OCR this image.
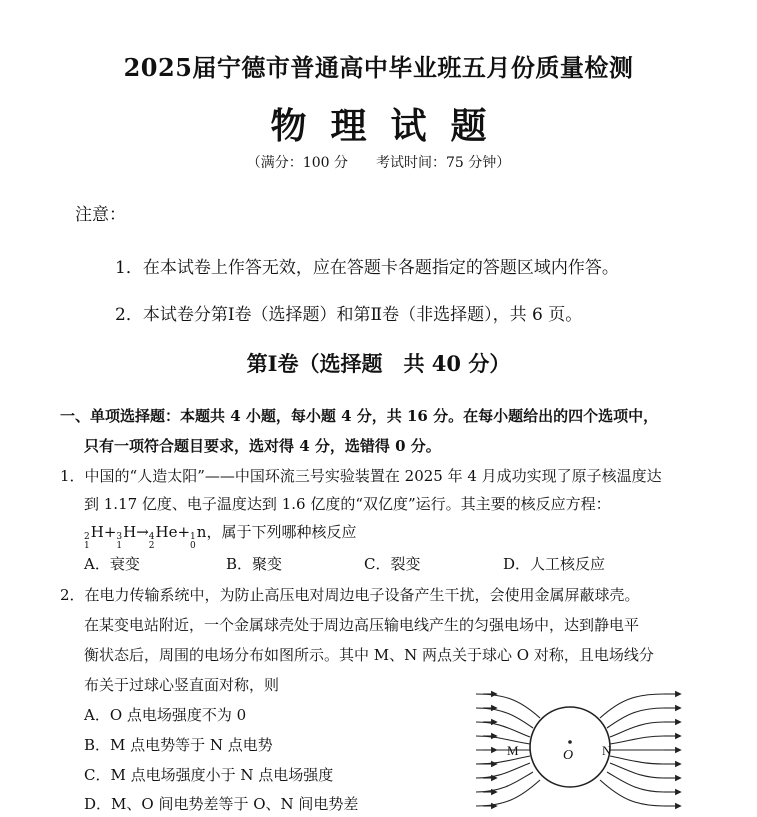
2025届宁德市普通高中毕业班五月份质量检测
物理试题
（满分：100 分 考试时间：75 分钟）
注意：
1．在本试卷上作答无效，应在答题卡各题指定的答题区域内作答。
2．本试卷分第Ⅰ卷（选择题）和第Ⅱ卷（非选择题），共 6 页。
第Ⅰ卷（选择题　共 40 分）
一、单项选择题：本题共 4 小题，每小题 4 分，共 16 分。在每小题给出的四个选项中，
只有一项符合题目要求，选对得 4 分，选错得 0 分。
1．中国的“人造太阳”——中国环流三号实验装置在 2025 年 4 月成功实现了原子核温度达
到 1.17 亿度、电子温度达到 1.6 亿度的“双亿度”运行。其主要的核反应方程：
2
1
H+ 3
1
H→ 4
2
He+ 1
0
n，属于下列哪种核反应
A．衰变	B．聚变	C．裂变	D．人工核反应
2．在电力传输系统中，为防止高压电对周边电子设备产生干扰，会使用金属屏蔽球壳。
在某变电站附近，一个金属球壳处于周边高压输电线产生的匀强电场中，达到静电平
衡状态后，周围的电场分布如图所示。其中 M、N 两点关于球心 O 对称，且电场线分
布关于过球心竖直面对称，则
A．O 点电场强度不为 0
B．M 点电势等于 N 点电势
C．M 点电场强度小于 N 点电场强度
D．M、O 间电势差等于 O、N 间电势差
M	O N
